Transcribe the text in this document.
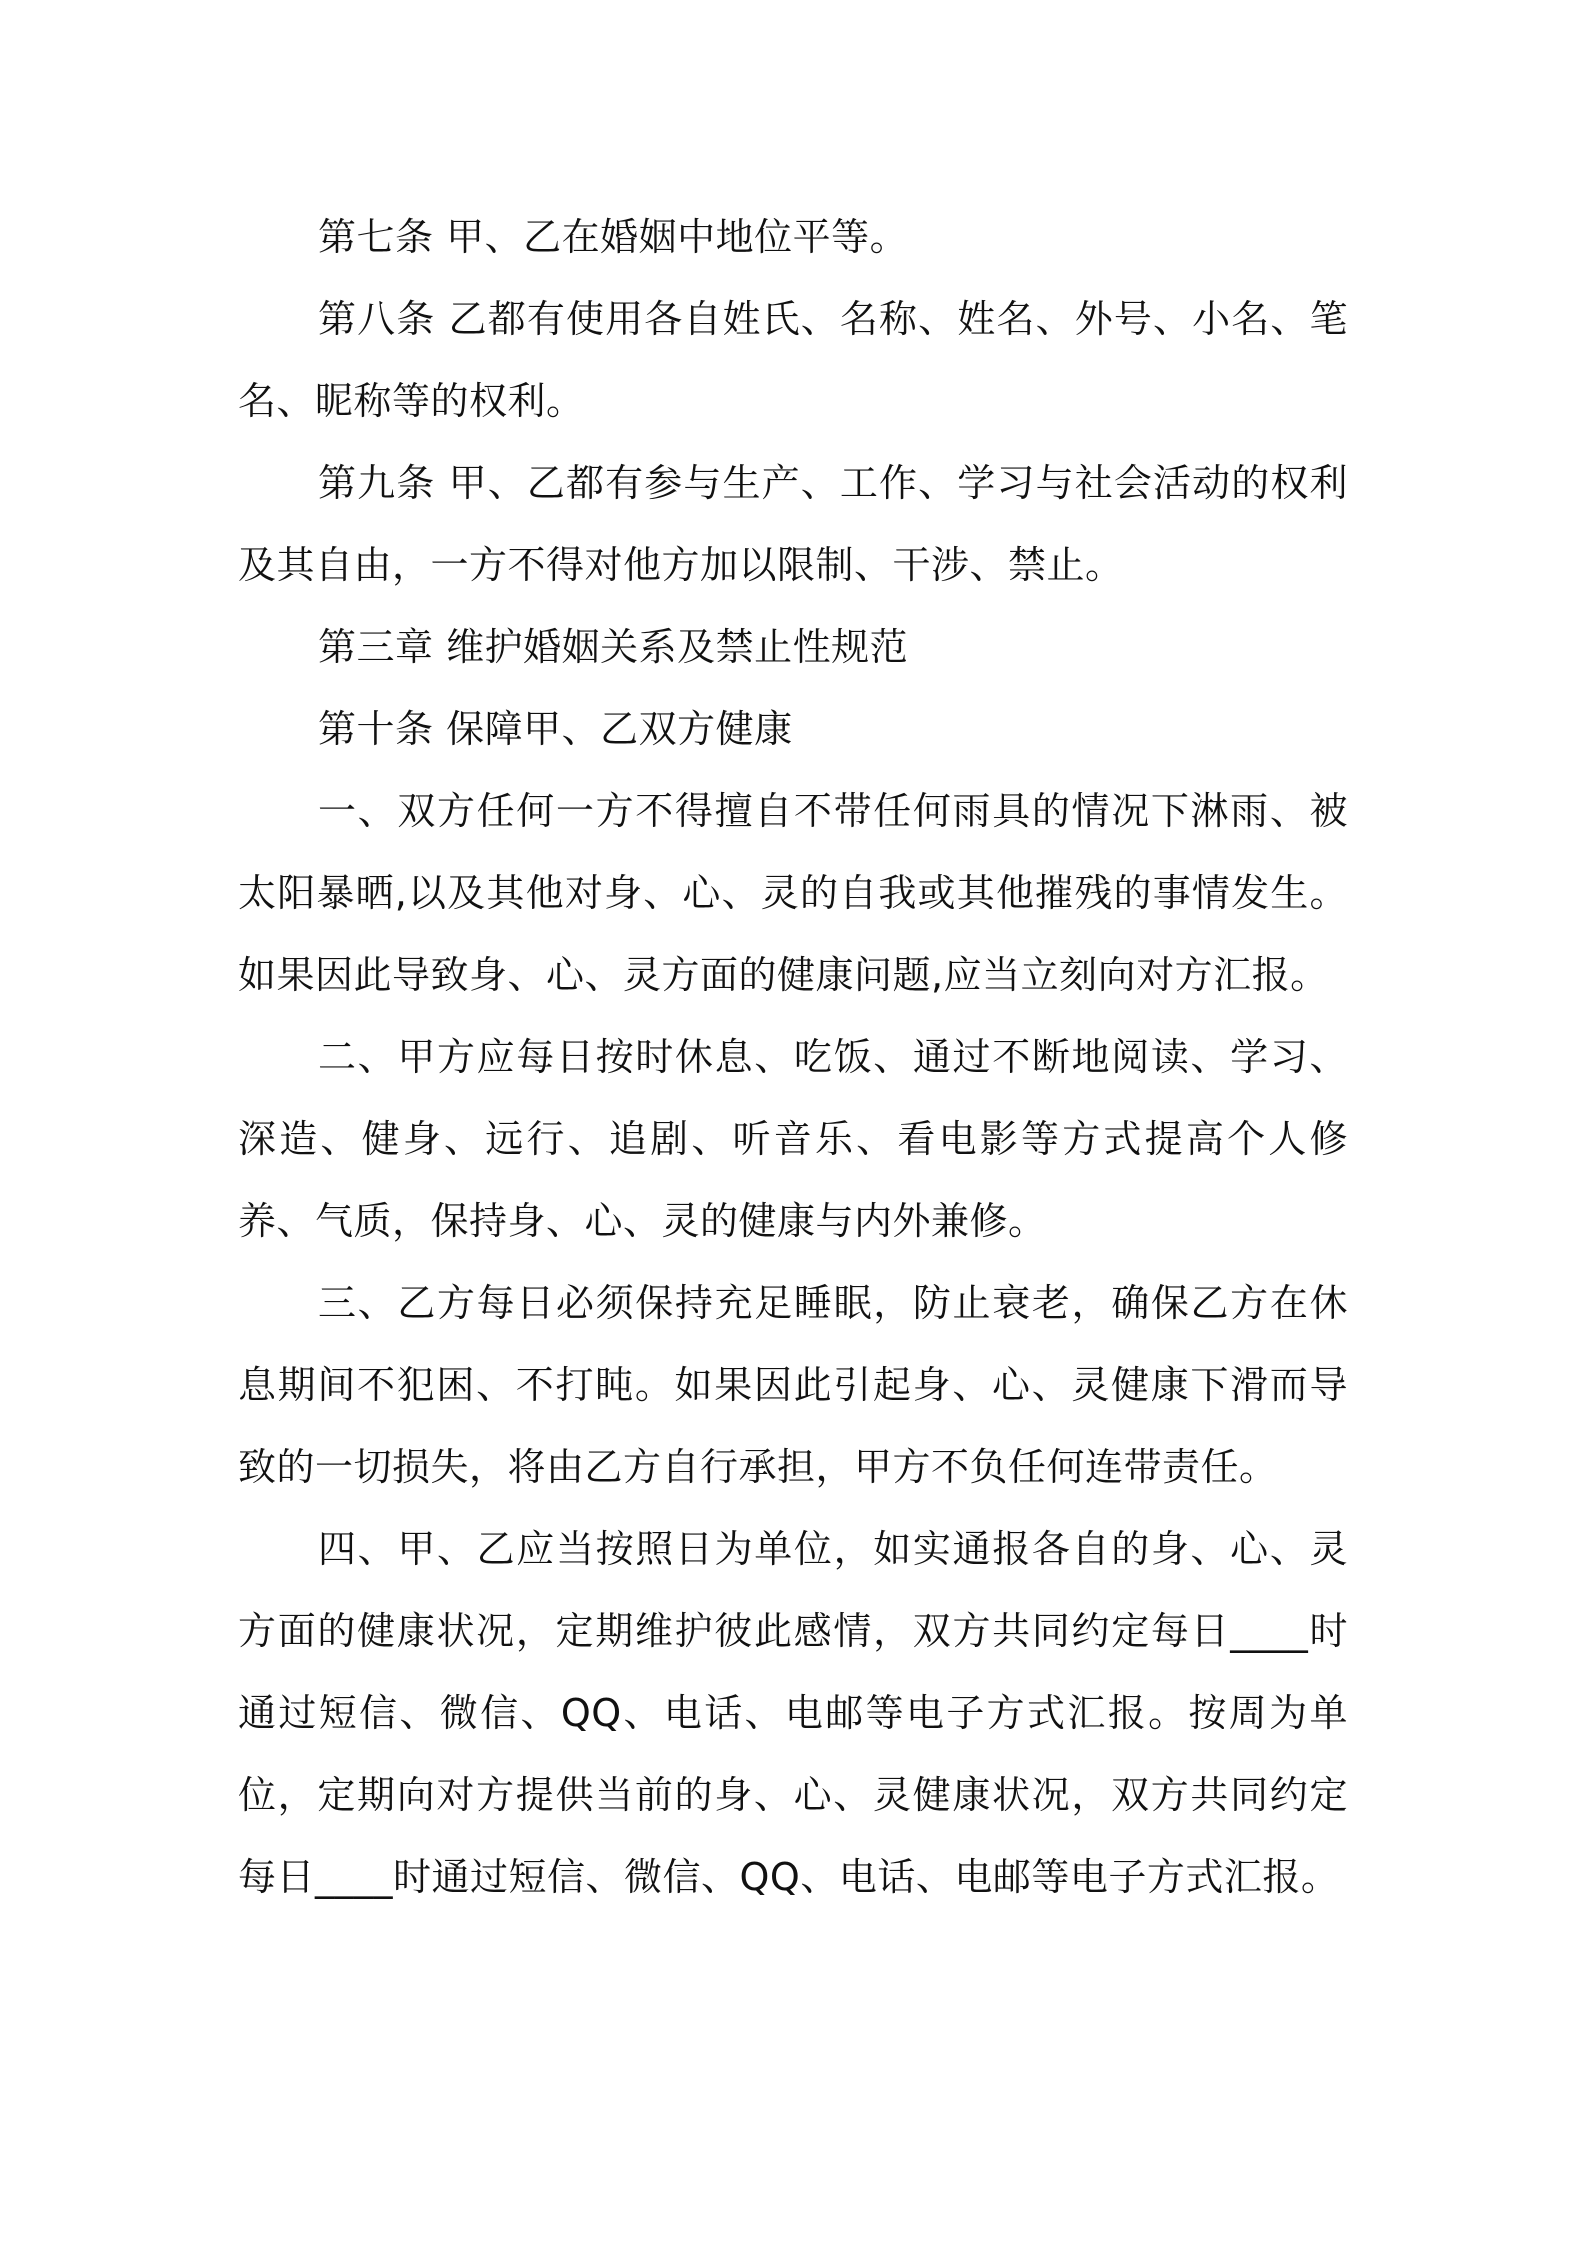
第七条 甲、乙在婚姻中地位平等。

第八条 乙都有使用各自姓氏、名称、姓名、外号、小名、笔名、昵称等的权利。

第九条 甲、乙都有参与生产、工作、学习与社会活动的权利及其自由，一方不得对他方加以限制、干涉、禁止。

第三章 维护婚姻关系及禁止性规范

第十条 保障甲、乙双方健康

一、双方任何一方不得擅自不带任何雨具的情况下淋雨、被太阳暴晒,以及其他对身、心、灵的自我或其他摧残的事情发生。如果因此导致身、心、灵方面的健康问题,应当立刻向对方汇报。

二、甲方应每日按时休息、吃饭、通过不断地阅读、学习、深造、健身、远行、追剧、听音乐、看电影等方式提高个人修养、气质，保持身、心、灵的健康与内外兼修。

三、乙方每日必须保持充足睡眠，防止衰老，确保乙方在休息期间不犯困、不打盹。如果因此引起身、心、灵健康下滑而导致的一切损失，将由乙方自行承担，甲方不负任何连带责任。

四、甲、乙应当按照日为单位，如实通报各自的身、心、灵方面的健康状况，定期维护彼此感情，双方共同约定每日____时通过短信、微信、QQ、电话、电邮等电子方式汇报。按周为单位，定期向对方提供当前的身、心、灵健康状况，双方共同约定每日____时通过短信、微信、QQ、电话、电邮等电子方式汇报。
